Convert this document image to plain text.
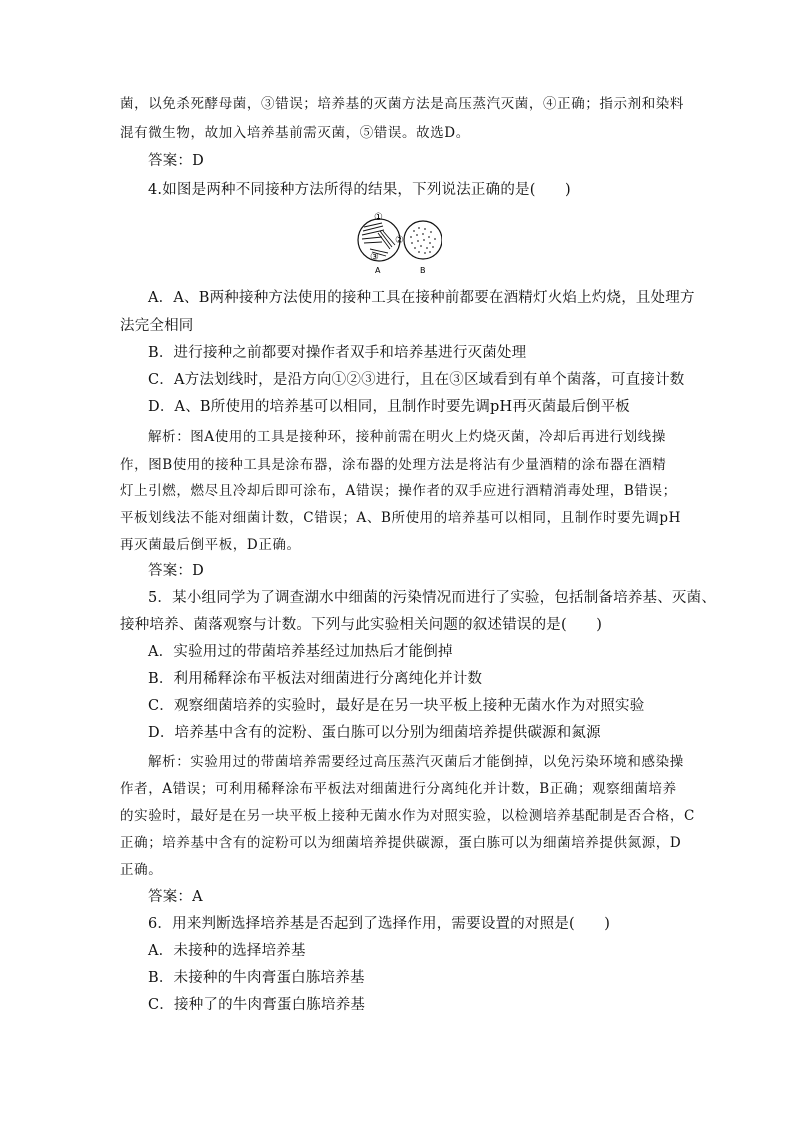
菌，以免杀死酵母菌，③错误；培养基的灭菌方法是高压蒸汽灭菌，④正确；指示剂和染料
混有微生物，故加入培养基前需灭菌，⑤错误。故选D。
答案：D
4.如图是两种不同接种方法所得的结果，下列说法正确的是(　　)
①
②
③
A	B
A．A、B两种接种方法使用的接种工具在接种前都要在酒精灯火焰上灼烧，且处理方
法完全相同
B．进行接种之前都要对操作者双手和培养基进行灭菌处理
C．A方法划线时，是沿方向①②③进行，且在③区域看到有单个菌落，可直接计数
D．A、B所使用的培养基可以相同，且制作时要先调pH再灭菌最后倒平板
解析：图A使用的工具是接种环，接种前需在明火上灼烧灭菌，冷却后再进行划线操
作，图B使用的接种工具是涂布器，涂布器的处理方法是将沾有少量酒精的涂布器在酒精
灯上引燃，燃尽且冷却后即可涂布，A错误；操作者的双手应进行酒精消毒处理，B错误；
平板划线法不能对细菌计数，C错误；A、B所使用的培养基可以相同，且制作时要先调pH
再灭菌最后倒平板，D正确。
答案：D
5．某小组同学为了调查湖水中细菌的污染情况而进行了实验，包括制备培养基、灭菌、
接种培养、菌落观察与计数。下列与此实验相关问题的叙述错误的是(　　)
A．实验用过的带菌培养基经过加热后才能倒掉
B．利用稀释涂布平板法对细菌进行分离纯化并计数
C．观察细菌培养的实验时，最好是在另一块平板上接种无菌水作为对照实验
D．培养基中含有的淀粉、蛋白胨可以分别为细菌培养提供碳源和氮源
解析：实验用过的带菌培养需要经过高压蒸汽灭菌后才能倒掉，以免污染环境和感染操
作者，A错误；可利用稀释涂布平板法对细菌进行分离纯化并计数，B正确；观察细菌培养
的实验时，最好是在另一块平板上接种无菌水作为对照实验，以检测培养基配制是否合格，C
正确；培养基中含有的淀粉可以为细菌培养提供碳源，蛋白胨可以为细菌培养提供氮源，D
正确。
答案：A
6．用来判断选择培养基是否起到了选择作用，需要设置的对照是(　　)
A．未接种的选择培养基
B．未接种的牛肉膏蛋白胨培养基
C．接种了的牛肉膏蛋白胨培养基
